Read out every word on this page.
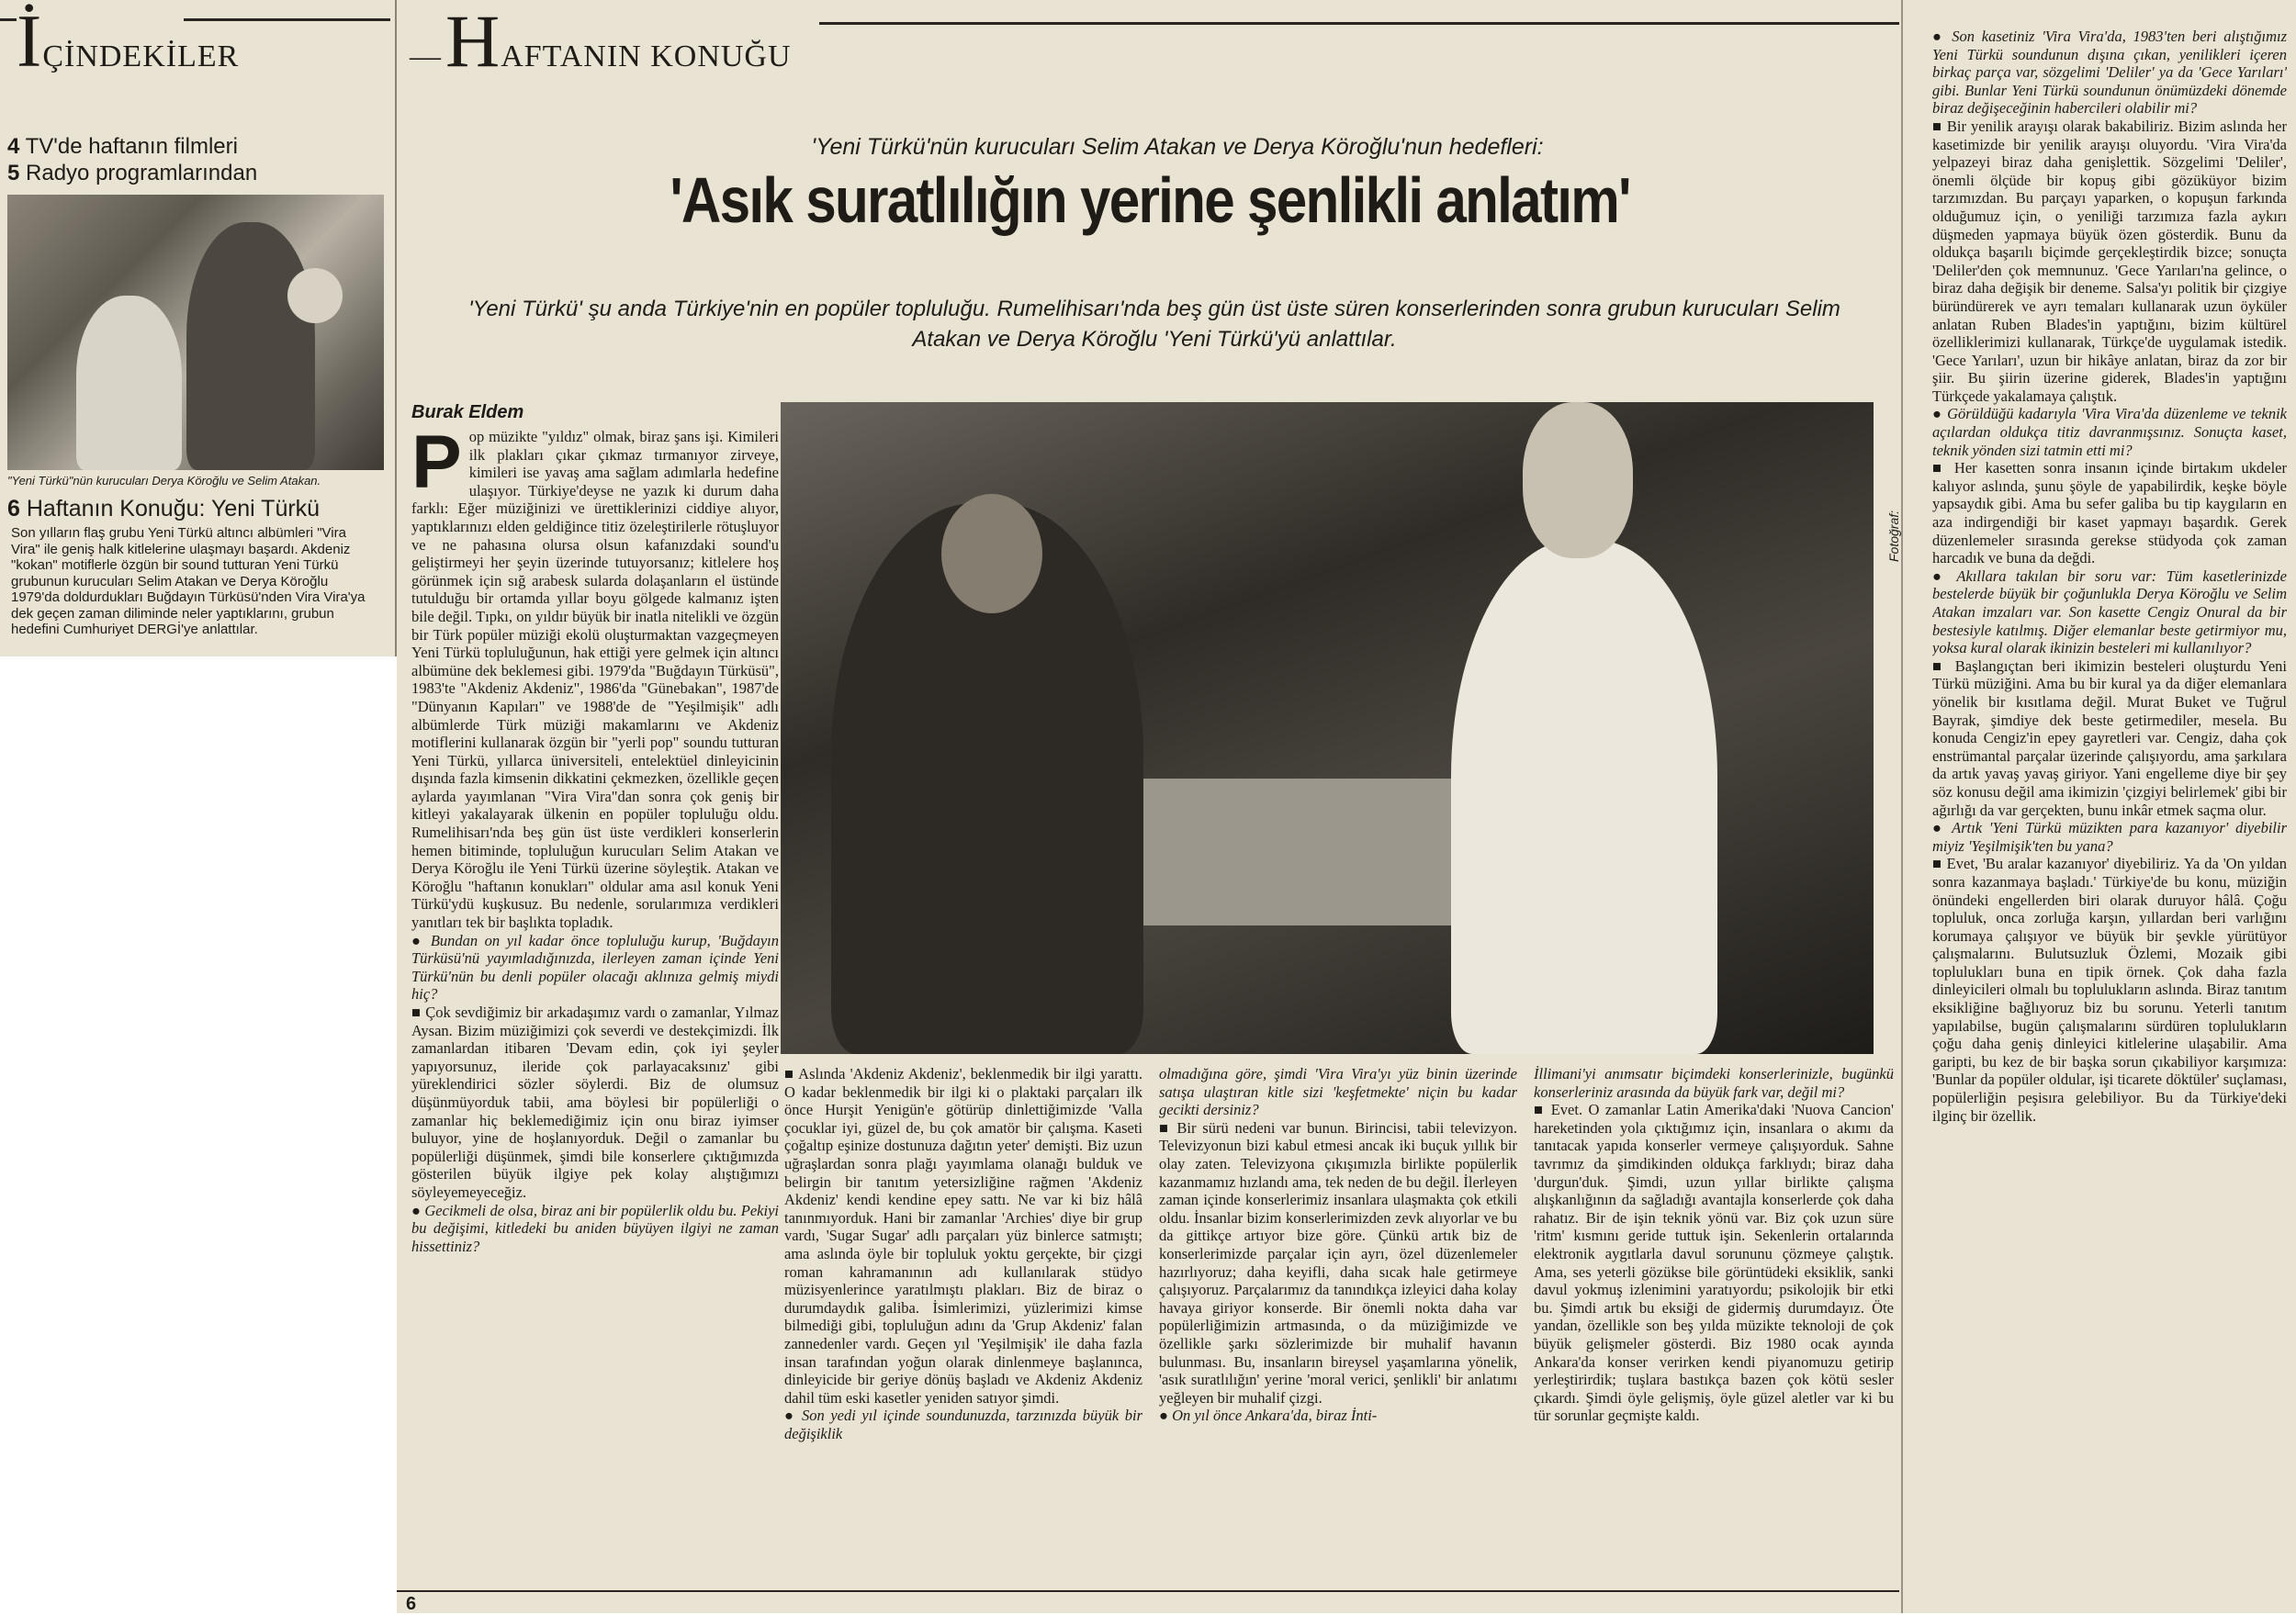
İÇİNDEKİLER
4 TV'de haftanın filmleri
5 Radyo programlarından
"Yeni Türkü"nün kurucuları Derya Köroğlu ve Selim Atakan.
6 Haftanın Konuğu: Yeni Türkü
Son yılların flaş grubu Yeni Türkü altıncı albümleri "Vira Vira" ile geniş halk kitlelerine ulaşmayı başardı. Akdeniz "kokan" motiflerle özgün bir sound tutturan Yeni Türkü grubunun kurucuları Selim Atakan ve Derya Köroğlu 1979'da doldurdukları Buğdayın Türküsü'nden Vira Vira'ya dek geçen zaman diliminde neler yaptıklarını, grubun hedefini Cumhuriyet DERGİ'ye anlattılar.
—HAFTANIN KONUĞU
'Yeni Türkü'nün kurucuları Selim Atakan ve Derya Köroğlu'nun hedefleri:
'Asık suratlılığın yerine şenlikli anlatım'
'Yeni Türkü' şu anda Türkiye'nin en popüler topluluğu. Rumelihisarı'nda beş gün üst üste süren konserlerinden sonra grubun kurucuları Selim Atakan ve Derya Köroğlu 'Yeni Türkü'yü anlattılar.
Burak Eldem
P op müzikte "yıldız" olmak, biraz şans işi. Kimileri ilk plakları çıkar çıkmaz tırmanıyor zirveye, kimileri ise yavaş ama sağlam adımlarla hedefine ulaşıyor. Türkiye'deyse ne yazık ki durum daha farklı: Eğer müziğinizi ve ürettiklerinizi ciddiye alıyor, yaptıklarınızı elden geldiğince titiz özeleştirilerle rötuşluyor ve ne pahasına olursa olsun kafanızdaki sound'u geliştirmeyi her şeyin üzerinde tutuyorsanız; kitlelere hoş görünmek için sığ arabesk sularda dolaşanların el üstünde tutulduğu bir ortamda yıllar boyu gölgede kalmanız işten bile değil. Tıpkı, on yıldır büyük bir inatla nitelikli ve özgün bir Türk popüler müziği ekolü oluşturmaktan vazgeçmeyen Yeni Türkü topluluğunun, hak ettiği yere gelmek için altıncı albümüne dek beklemesi gibi. 1979'da "Buğdayın Türküsü", 1983'te "Akdeniz Akdeniz", 1986'da "Günebakan", 1987'de "Dünyanın Kapıları" ve 1988'de de "Yeşilmişik" adlı albümlerde Türk müziği makamlarını ve Akdeniz motiflerini kullanarak özgün bir "yerli pop" soundu tutturan Yeni Türkü, yıllarca üniversiteli, entelektüel dinleyicinin dışında fazla kimsenin dikkatini çekmezken, özellikle geçen aylarda yayımlanan "Vira Vira"dan sonra çok geniş bir kitleyi yakalayarak ülkenin en popüler topluluğu oldu. Rumelihisarı'nda beş gün üst üste verdikleri konserlerin hemen bitiminde, topluluğun kurucuları Selim Atakan ve Derya Köroğlu ile Yeni Türkü üzerine söyleştik. Atakan ve Köroğlu "haftanın konukları" oldular ama asıl konuk Yeni Türkü'ydü kuşkusuz. Bu nedenle, sorularımıza verdikleri yanıtları tek bir başlıkta topladık.

● Bundan on yıl kadar önce topluluğu kurup, 'Buğdayın Türküsü'nü yayımladığınızda, ilerleyen zaman içinde Yeni Türkü'nün bu denli popüler olacağı aklınıza gelmiş miydi hiç?

■ Çok sevdiğimiz bir arkadaşımız vardı o zamanlar, Yılmaz Aysan. Bizim müziğimizi çok severdi ve destekçimizdi. İlk zamanlardan itibaren 'Devam edin, çok iyi şeyler yapıyorsunuz, ileride çok parlayacaksınız' gibi yüreklendirici sözler söylerdi. Biz de olumsuz düşünmüyorduk tabii, ama böylesi bir popülerliği o zamanlar hiç beklemediğimiz için onu biraz iyimser buluyor, yine de hoşlanıyorduk. Değil o zamanlar bu popülerliği düşünmek, şimdi bile konserlere çıktığımızda gösterilen büyük ilgiye pek kolay alıştığımızı söyleyemeyeceğiz.

● Gecikmeli de olsa, biraz ani bir popülerlik oldu bu. Pekiyi bu değişimi, kitledeki bu aniden büyüyen ilgiyi ne zaman hissettiniz?

Fotoğraf:

■ Aslında 'Akdeniz Akdeniz', beklenmedik bir ilgi yarattı. O kadar beklenmedik bir ilgi ki o plaktaki parçaları ilk önce Hurşit Yenigün'e götürüp dinlettiğimizde 'Valla çocuklar iyi, güzel de, bu çok amatör bir çalışma. Kaseti çoğaltıp eşinize dostunuza dağıtın yeter' demişti. Biz uzun uğraşlardan sonra plağı yayımlama olanağı bulduk ve belirgin bir tanıtım yetersizliğine rağmen 'Akdeniz Akdeniz' kendi kendine epey sattı. Ne var ki biz hâlâ tanınmıyorduk. Hani bir zamanlar 'Archies' diye bir grup vardı, 'Sugar Sugar' adlı parçaları yüz binlerce satmıştı; ama aslında öyle bir topluluk yoktu gerçekte, bir çizgi roman kahramanının adı kullanılarak stüdyo müzisyenlerince yaratılmıştı plakları. Biz de biraz o durumdaydık galiba. İsimlerimizi, yüzlerimizi kimse bilmediği gibi, topluluğun adını da 'Grup Akdeniz' falan zannedenler vardı. Geçen yıl 'Yeşilmişik' ile daha fazla insan tarafından yoğun olarak dinlenmeye başlanınca, dinleyicide bir geriye dönüş başladı ve Akdeniz Akdeniz dahil tüm eski kasetler yeniden satıyor şimdi.

● Son yedi yıl içinde soundunuzda, tarzınızda büyük bir değişiklik

olmadığına göre, şimdi 'Vira Vira'yı yüz binin üzerinde satışa ulaştıran kitle sizi 'keşfetmekte' niçin bu kadar gecikti dersiniz?

■ Bir sürü nedeni var bunun. Birincisi, tabii televizyon. Televizyonun bizi kabul etmesi ancak iki buçuk yıllık bir olay zaten. Televizyona çıkışımızla birlikte popülerlik kazanmamız hızlandı ama, tek neden de bu değil. İlerleyen zaman içinde konserlerimiz insanlara ulaşmakta çok etkili oldu. İnsanlar bizim konserlerimizden zevk alıyorlar ve bu da gittikçe artıyor bize göre. Çünkü artık biz de konserlerimizde parçalar için ayrı, özel düzenlemeler hazırlıyoruz; daha keyifli, daha sıcak hale getirmeye çalışıyoruz. Parçalarımız da tanındıkça izleyici daha kolay havaya giriyor konserde. Bir önemli nokta daha var popülerliğimizin artmasında, o da müziğimizde ve özellikle şarkı sözlerimizde bir muhalif havanın bulunması. Bu, insanların bireysel yaşamlarına yönelik, 'asık suratlılığın' yerine 'moral verici, şenlikli' bir anlatımı yeğleyen bir muhalif çizgi.

● On yıl önce Ankara'da, biraz İnti-

İllimani'yi anımsatır biçimdeki konserlerinizle, bugünkü konserleriniz arasında da büyük fark var, değil mi?

■ Evet. O zamanlar Latin Amerika'daki 'Nuova Cancion' hareketinden yola çıktığımız için, insanlara o akımı da tanıtacak yapıda konserler vermeye çalışıyorduk. Sahne tavrımız da şimdikinden oldukça farklıydı; biraz daha 'durgun'duk. Şimdi, uzun yıllar birlikte çalışma alışkanlığının da sağladığı avantajla konserlerde çok daha rahatız. Bir de işin teknik yönü var. Biz çok uzun süre 'ritm' kısmını geride tuttuk işin. Sekenlerin ortalarında elektronik aygıtlarla davul sorununu çözmeye çalıştık. Ama, ses yeterli gözükse bile görüntüdeki eksiklik, sanki davul yokmuş izlenimini yaratıyordu; psikolojik bir etki bu. Şimdi artık bu eksiği de gidermiş durumdayız. Öte yandan, özellikle son beş yılda müzikte teknoloji de çok büyük gelişmeler gösterdi. Biz 1980 ocak ayında Ankara'da konser verirken kendi piyanomuzu getirip yerleştirirdik; tuşlara bastıkça bazen çok kötü sesler çıkardı. Şimdi öyle gelişmiş, öyle güzel aletler var ki bu tür sorunlar geçmişte kaldı.

6

● Son kasetiniz 'Vira Vira'da, 1983'ten beri alıştığımız Yeni Türkü soundunun dışına çıkan, yenilikleri içeren birkaç parça var, sözgelimi 'Deliler' ya da 'Gece Yarıları' gibi. Bunlar Yeni Türkü soundunun önümüzdeki dönemde biraz değişeceğinin habercileri olabilir mi?

■ Bir yenilik arayışı olarak bakabiliriz. Bizim aslında her kasetimizde bir yenilik arayışı oluyordu. 'Vira Vira'da yelpazeyi biraz daha genişlettik. Sözgelimi 'Deliler', önemli ölçüde bir kopuş gibi gözüküyor bizim tarzımızdan. Bu parçayı yaparken, o kopuşun farkında olduğumuz için, o yeniliği tarzımıza fazla aykırı düşmeden yapmaya büyük özen gösterdik. Bunu da oldukça başarılı biçimde gerçekleştirdik bizce; sonuçta 'Deliler'den çok memnunuz. 'Gece Yarıları'na gelince, o biraz daha değişik bir deneme. Salsa'yı politik bir çizgiye büründürerek ve ayrı temaları kullanarak uzun öyküler anlatan Ruben Blades'in yaptığını, bizim kültürel özelliklerimizi kullanarak, Türkçe'de uygulamak istedik. 'Gece Yarıları', uzun bir hikâye anlatan, biraz da zor bir şiir. Bu şiirin üzerine giderek, Blades'in yaptığını Türkçede yakalamaya çalıştık.

● Görüldüğü kadarıyla 'Vira Vira'da düzenleme ve teknik açılardan oldukça titiz davranmışsınız. Sonuçta kaset, teknik yönden sizi tatmin etti mi?

■ Her kasetten sonra insanın içinde birtakım ukdeler kalıyor aslında, şunu şöyle de yapabilirdik, keşke böyle yapsaydık gibi. Ama bu sefer galiba bu tip kaygıların en aza indirgendiği bir kaset yapmayı başardık. Gerek düzenlemeler sırasında gerekse stüdyoda çok zaman harcadık ve buna da değdi.

● Akıllara takılan bir soru var: Tüm kasetlerinizde bestelerde büyük bir çoğunlukla Derya Köroğlu ve Selim Atakan imzaları var. Son kasette Cengiz Onural da bir bestesiyle katılmış. Diğer elemanlar beste getirmiyor mu, yoksa kural olarak ikinizin besteleri mi kullanılıyor?

■ Başlangıçtan beri ikimizin besteleri oluşturdu Yeni Türkü müziğini. Ama bu bir kural ya da diğer elemanlara yönelik bir kısıtlama değil. Murat Buket ve Tuğrul Bayrak, şimdiye dek beste getirmediler, mesela. Bu konuda Cengiz'in epey gayretleri var. Cengiz, daha çok enstrümantal parçalar üzerinde çalışıyordu, ama şarkılara da artık yavaş yavaş giriyor. Yani engelleme diye bir şey söz konusu değil ama ikimizin 'çizgiyi belirlemek' gibi bir ağırlığı da var gerçekten, bunu inkâr etmek saçma olur.

● Artık 'Yeni Türkü müzikten para kazanıyor' diyebilir miyiz 'Yeşilmişik'ten bu yana?

■ Evet, 'Bu aralar kazanıyor' diyebiliriz. Ya da 'On yıldan sonra kazanmaya başladı.' Türkiye'de bu konu, müziğin önündeki engellerden biri olarak duruyor hâlâ. Çoğu topluluk, onca zorluğa karşın, yıllardan beri varlığını korumaya çalışıyor ve büyük bir şevkle yürütüyor çalışmalarını. Bulutsuzluk Özlemi, Mozaik gibi toplulukları buna en tipik örnek. Çok daha fazla dinleyicileri olmalı bu toplulukların aslında. Biraz tanıtım eksikliğine bağlıyoruz biz bu sorunu. Yeterli tanıtım yapılabilse, bugün çalışmalarını sürdüren toplulukların çoğu daha geniş dinleyici kitlelerine ulaşabilir. Ama garipti, bu kez de bir başka sorun çıkabiliyor karşımıza: 'Bunlar da popüler oldular, işi ticarete döktüler' suçlaması, popülerliğin peşisıra gelebiliyor. Bu da Türkiye'deki ilginç bir özellik.
